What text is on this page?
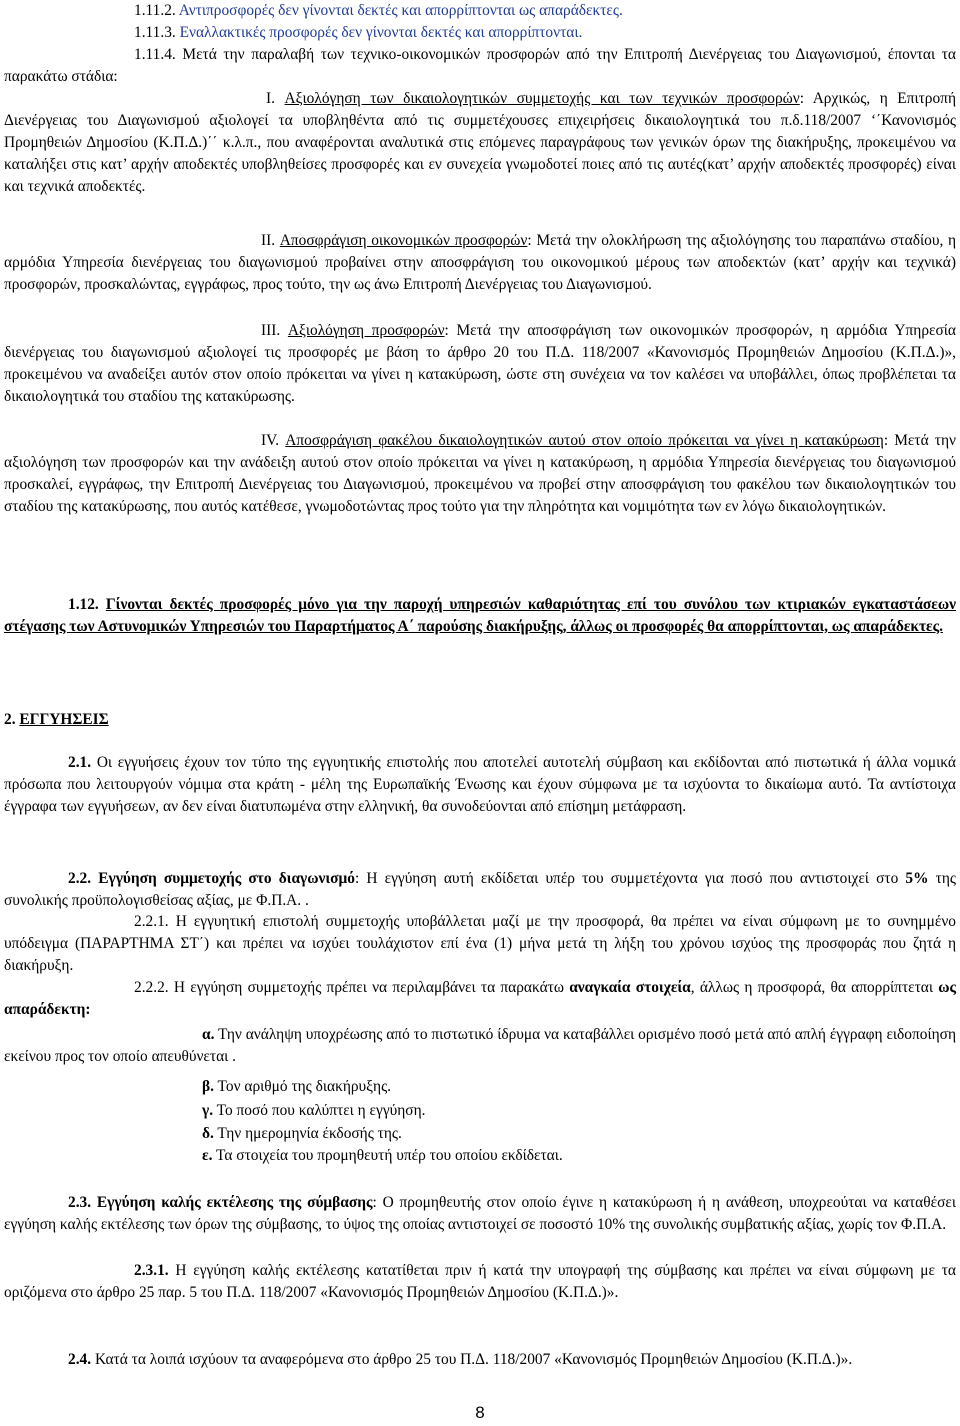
1.11.2. Αντιπροσφορές δεν γίνονται δεκτές και απορρίπτονται ως απαράδεκτες.
1.11.3. Εναλλακτικές προσφορές δεν γίνονται δεκτές και απορρίπτονται.
1.11.4. Μετά την παραλαβή των τεχνικο-οικονομικών προσφορών από την Επιτροπή Διενέργειας του Διαγωνισμού, έπονται τα παρακάτω στάδια:
I. Αξιολόγηση των δικαιολογητικών συμμετοχής και των τεχνικών προσφορών: Αρχικώς, η Επιτροπή Διενέργειας του Διαγωνισμού αξιολογεί τα υποβληθέντα από τις συμμετέχουσες επιχειρήσεις δικαιολογητικά του π.δ.118/2007 ‘΄Κανονισμός Προμηθειών Δημοσίου (Κ.Π.Δ.)΄΄ κ.λ.π., που αναφέρονται αναλυτικά στις επόμενες παραγράφους των γενικών όρων της διακήρυξης, προκειμένου να καταλήξει στις κατ’ αρχήν αποδεκτές υποβληθείσες προσφορές και εν συνεχεία γνωμοδοτεί ποιες από τις αυτές(κατ’ αρχήν αποδεκτές προσφορές) είναι και τεχνικά αποδεκτές.
II. Αποσφράγιση οικονομικών προσφορών: Μετά την ολοκλήρωση της αξιολόγησης του παραπάνω σταδίου, η αρμόδια Υπηρεσία διενέργειας του διαγωνισμού προβαίνει στην αποσφράγιση του οικονομικού μέρους των αποδεκτών (κατ’ αρχήν και τεχνικά) προσφορών, προσκαλώντας, εγγράφως, προς τούτο, την ως άνω Επιτροπή Διενέργειας του Διαγωνισμού.
III. Αξιολόγηση προσφορών: Μετά την αποσφράγιση των οικονομικών προσφορών, η αρμόδια Υπηρεσία διενέργειας του διαγωνισμού αξιολογεί τις προσφορές με βάση το άρθρο 20 του Π.Δ. 118/2007 «Κανονισμός Προμηθειών Δημοσίου (Κ.Π.Δ.)», προκειμένου να αναδείξει αυτόν στον οποίο πρόκειται να γίνει η κατακύρωση, ώστε στη συνέχεια να τον καλέσει να υποβάλλει, όπως προβλέπεται τα δικαιολογητικά του σταδίου της κατακύρωσης.
IV. Αποσφράγιση φακέλου δικαιολογητικών αυτού στον οποίο πρόκειται να γίνει η κατακύρωση: Μετά την αξιολόγηση των προσφορών και την ανάδειξη αυτού στον οποίο πρόκειται να γίνει η κατακύρωση, η αρμόδια Υπηρεσία διενέργειας του διαγωνισμού προσκαλεί, εγγράφως, την Επιτροπή Διενέργειας του Διαγωνισμού, προκειμένου να προβεί στην αποσφράγιση του φακέλου των δικαιολογητικών του σταδίου της κατακύρωσης, που αυτός κατέθεσε, γνωμοδοτώντας προς τούτο για την πληρότητα και νομιμότητα των εν λόγω δικαιολογητικών.
1.12. Γίνονται δεκτές προσφορές μόνο για την παροχή υπηρεσιών καθαριότητας επί του συνόλου των κτιριακών εγκαταστάσεων στέγασης των Αστυνομικών Υπηρεσιών του Παραρτήματος Α΄ παρούσης διακήρυξης, άλλως οι προσφορές θα απορρίπτονται, ως απαράδεκτες.
2. ΕΓΓΥΗΣΕΙΣ
2.1. Οι εγγυήσεις έχουν τον τύπο της εγγυητικής επιστολής που αποτελεί αυτοτελή σύμβαση και εκδίδονται από πιστωτικά ή άλλα νομικά πρόσωπα που λειτουργούν νόμιμα στα κράτη - μέλη της Ευρωπαϊκής Ένωσης και έχουν σύμφωνα με τα ισχύοντα το δικαίωμα αυτό. Τα αντίστοιχα έγγραφα των εγγυήσεων, αν δεν είναι διατυπωμένα στην ελληνική, θα συνοδεύονται από επίσημη μετάφραση.
2.2. Εγγύηση συμμετοχής στο διαγωνισμό: Η εγγύηση αυτή εκδίδεται υπέρ του συμμετέχοντα για ποσό που αντιστοιχεί στο 5% της συνολικής προϋπολογισθείσας αξίας, με Φ.Π.Α. .
2.2.1. Η εγγυητική επιστολή συμμετοχής υποβάλλεται μαζί με την προσφορά, θα πρέπει να είναι σύμφωνη με το συνημμένο υπόδειγμα (ΠΑΡΑΡΤΗΜΑ ΣΤ΄) και πρέπει να ισχύει τουλάχιστον επί ένα (1) μήνα μετά τη λήξη του χρόνου ισχύος της προσφοράς που ζητά η διακήρυξη.
2.2.2. Η εγγύηση συμμετοχής πρέπει να περιλαμβάνει τα παρακάτω αναγκαία στοιχεία, άλλως η προσφορά, θα απορρίπτεται ως απαράδεκτη:
α. Την ανάληψη υποχρέωσης από το πιστωτικό ίδρυμα να καταβάλλει ορισμένο ποσό μετά από απλή έγγραφη ειδοποίηση εκείνου προς τον οποίο απευθύνεται .
β. Τον αριθμό της διακήρυξης.
γ. Το ποσό που καλύπτει η εγγύηση.
δ. Την ημερομηνία έκδοσής της.
ε. Τα στοιχεία του προμηθευτή υπέρ του οποίου εκδίδεται.
2.3. Εγγύηση καλής εκτέλεσης της σύμβασης: Ο προμηθευτής στον οποίο έγινε η κατακύρωση ή η ανάθεση, υποχρεούται να καταθέσει εγγύηση καλής εκτέλεσης των όρων της σύμβασης, το ύψος της οποίας αντιστοιχεί σε ποσοστό 10% της συνολικής συμβατικής αξίας, χωρίς τον Φ.Π.Α.
2.3.1. Η εγγύηση καλής εκτέλεσης κατατίθεται πριν ή κατά την υπογραφή της σύμβασης και πρέπει να είναι σύμφωνη με τα οριζόμενα στο άρθρο 25 παρ. 5 του Π.Δ. 118/2007 «Κανονισμός Προμηθειών Δημοσίου (Κ.Π.Δ.)».
2.4. Κατά τα λοιπά ισχύουν τα αναφερόμενα στο άρθρο 25 του Π.Δ. 118/2007 «Κανονισμός Προμηθειών Δημοσίου (Κ.Π.Δ.)».
8
